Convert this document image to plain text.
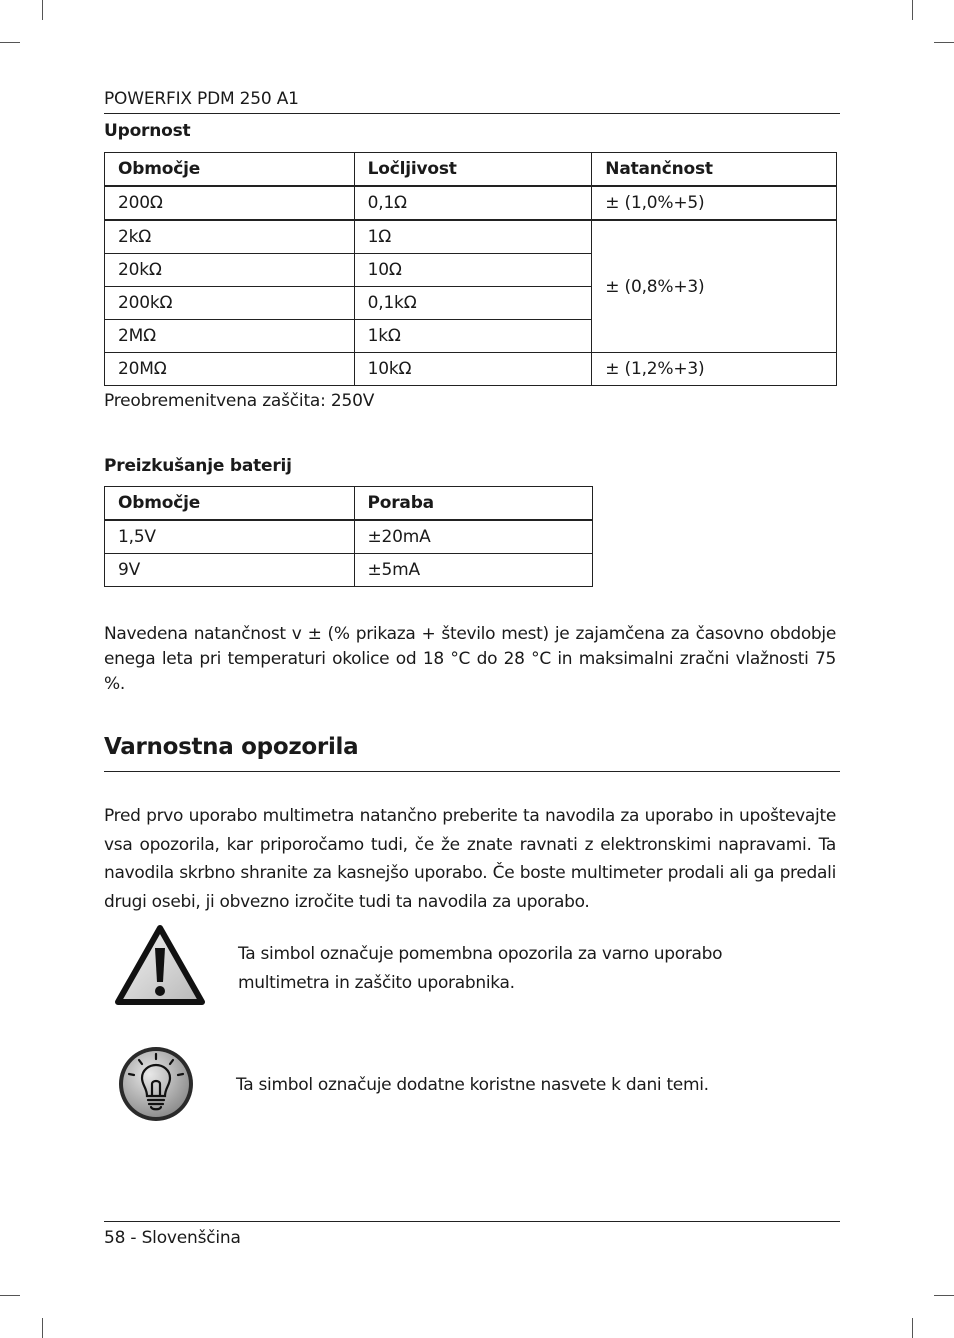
POWERFIX PDM 250 A1
Upornost
Območje	Ločljivost	Natančnost
200Ω	0,1Ω	± (1,0%+5)
2kΩ	1Ω	± (0,8%+3)
20kΩ	10Ω	
200kΩ	0,1kΩ	
2MΩ	1kΩ	
20MΩ	10kΩ	± (1,2%+3)
Preobremenitvena zaščita: 250V
Preizkušanje baterij
Območje	Poraba
1,5V	±20mA
9V	±5mA
Navedena natančnost v ± (% prikaza + število mest) je zajamčena za časovno obdobje enega leta pri temperaturi okolice od 18 °C do 28 °C in maksimalni zračni vlažnosti 75 %.
Varnostna opozorila
Pred prvo uporabo multimetra natančno preberite ta navodila za uporabo in upoštevajte vsa opozorila, kar priporočamo tudi, če že znate ravnati z elektronskimi napravami. Ta navodila skrbno shranite za kasnejšo uporabo. Če boste multimeter prodali ali ga predali drugi osebi, ji obvezno izročite tudi ta navodila za uporabo.
Ta simbol označuje pomembna opozorila za varno uporabo multimetra in zaščito uporabnika.
Ta simbol označuje dodatne koristne nasvete k dani temi.
58 - Slovenščina
